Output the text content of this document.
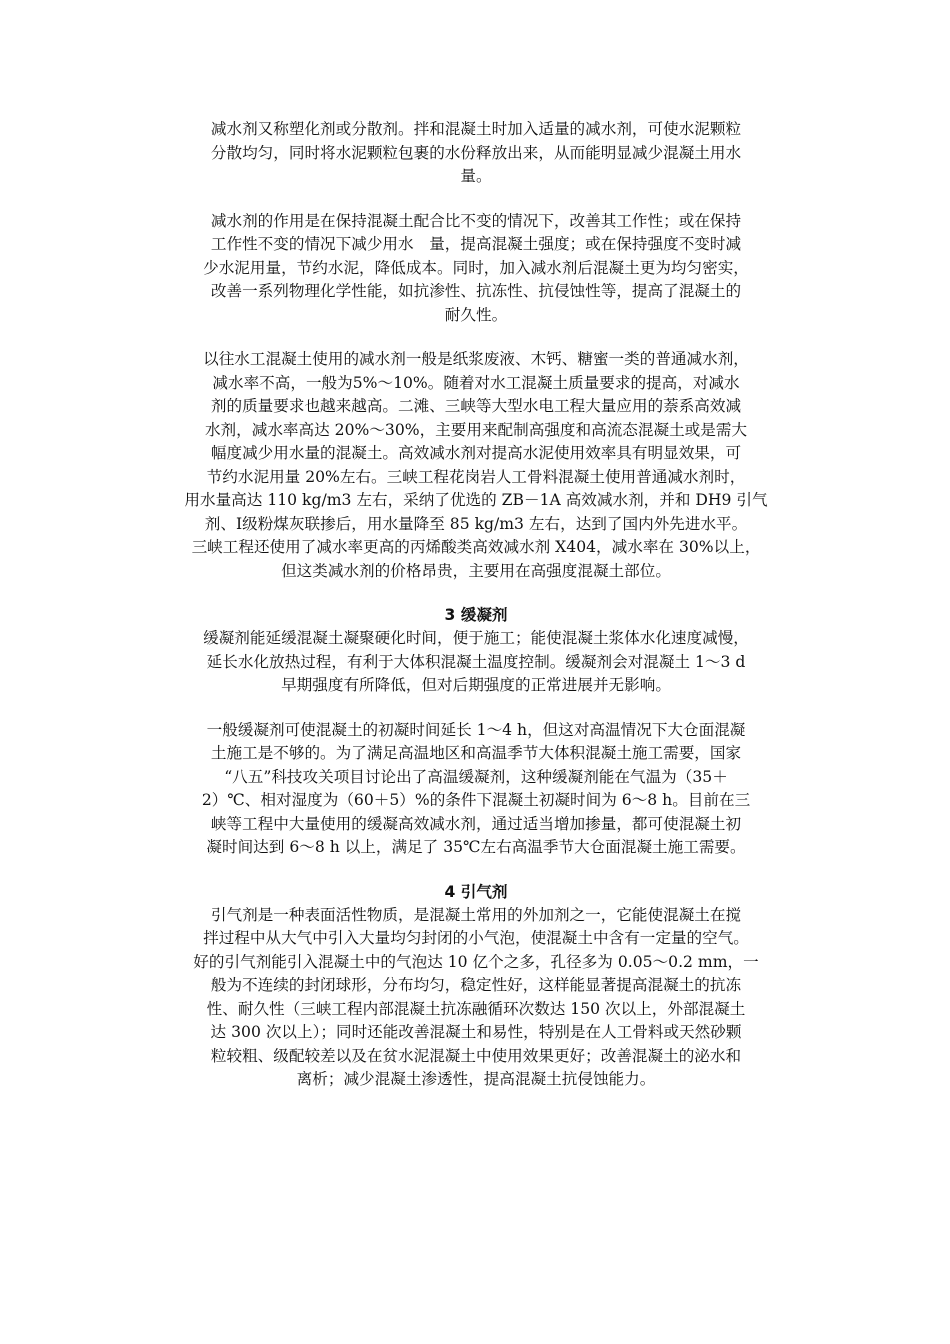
减水剂又称塑化剂或分散剂。拌和混凝土时加入适量的减水剂，可使水泥颗粒
分散均匀，同时将水泥颗粒包裹的水份释放出来，从而能明显减少混凝土用水
量。

减水剂的作用是在保持混凝土配合比不变的情况下，改善其工作性；或在保持
工作性不变的情况下减少用水　量，提高混凝土强度；或在保持强度不变时减
少水泥用量，节约水泥，降低成本。同时，加入减水剂后混凝土更为均匀密实，
改善一系列物理化学性能，如抗渗性、抗冻性、抗侵蚀性等，提高了混凝土的
耐久性。

以往水工混凝土使用的减水剂一般是纸浆废液、木钙、糖蜜一类的普通减水剂，
减水率不高，一般为5%～10%。随着对水工混凝土质量要求的提高，对减水
剂的质量要求也越来越高。二滩、三峡等大型水电工程大量应用的萘系高效减
水剂，减水率高达 20%～30%，主要用来配制高强度和高流态混凝土或是需大
幅度减少用水量的混凝土。高效减水剂对提高水泥使用效率具有明显效果，可
节约水泥用量 20%左右。三峡工程花岗岩人工骨料混凝土使用普通减水剂时，
用水量高达 110 kg/m3 左右，采纳了优选的 ZB－1A 高效减水剂，并和 DH9 引气
剂、Ⅰ级粉煤灰联掺后，用水量降至 85 kg/m3 左右，达到了国内外先进水平。
三峡工程还使用了减水率更高的丙烯酸类高效减水剂 X404，减水率在 30%以上，
但这类减水剂的价格昂贵，主要用在高强度混凝土部位。

3 缓凝剂

缓凝剂能延缓混凝土凝聚硬化时间，便于施工；能使混凝土浆体水化速度减慢，
延长水化放热过程，有利于大体积混凝土温度控制。缓凝剂会对混凝土 1～3 d
早期强度有所降低，但对后期强度的正常进展并无影响。

一般缓凝剂可使混凝土的初凝时间延长 1～4 h，但这对高温情况下大仓面混凝
土施工是不够的。为了满足高温地区和高温季节大体积混凝土施工需要，国家
“八五”科技攻关项目讨论出了高温缓凝剂，这种缓凝剂能在气温为（35＋
2）℃、相对湿度为（60＋5）%的条件下混凝土初凝时间为 6～8 h。目前在三
峡等工程中大量使用的缓凝高效减水剂，通过适当增加掺量，都可使混凝土初
凝时间达到 6～8 h 以上，满足了 35℃左右高温季节大仓面混凝土施工需要。

4 引气剂

引气剂是一种表面活性物质，是混凝土常用的外加剂之一，它能使混凝土在搅
拌过程中从大气中引入大量均匀封闭的小气泡，使混凝土中含有一定量的空气。
好的引气剂能引入混凝土中的气泡达 10 亿个之多，孔径多为 0.05～0.2 mm，一
般为不连续的封闭球形，分布均匀，稳定性好，这样能显著提高混凝土的抗冻
性、耐久性（三峡工程内部混凝土抗冻融循环次数达 150 次以上，外部混凝土
达 300 次以上）；同时还能改善混凝土和易性，特别是在人工骨料或天然砂颗
粒较粗、级配较差以及在贫水泥混凝土中使用效果更好；改善混凝土的泌水和
离析；减少混凝土渗透性，提高混凝土抗侵蚀能力。
